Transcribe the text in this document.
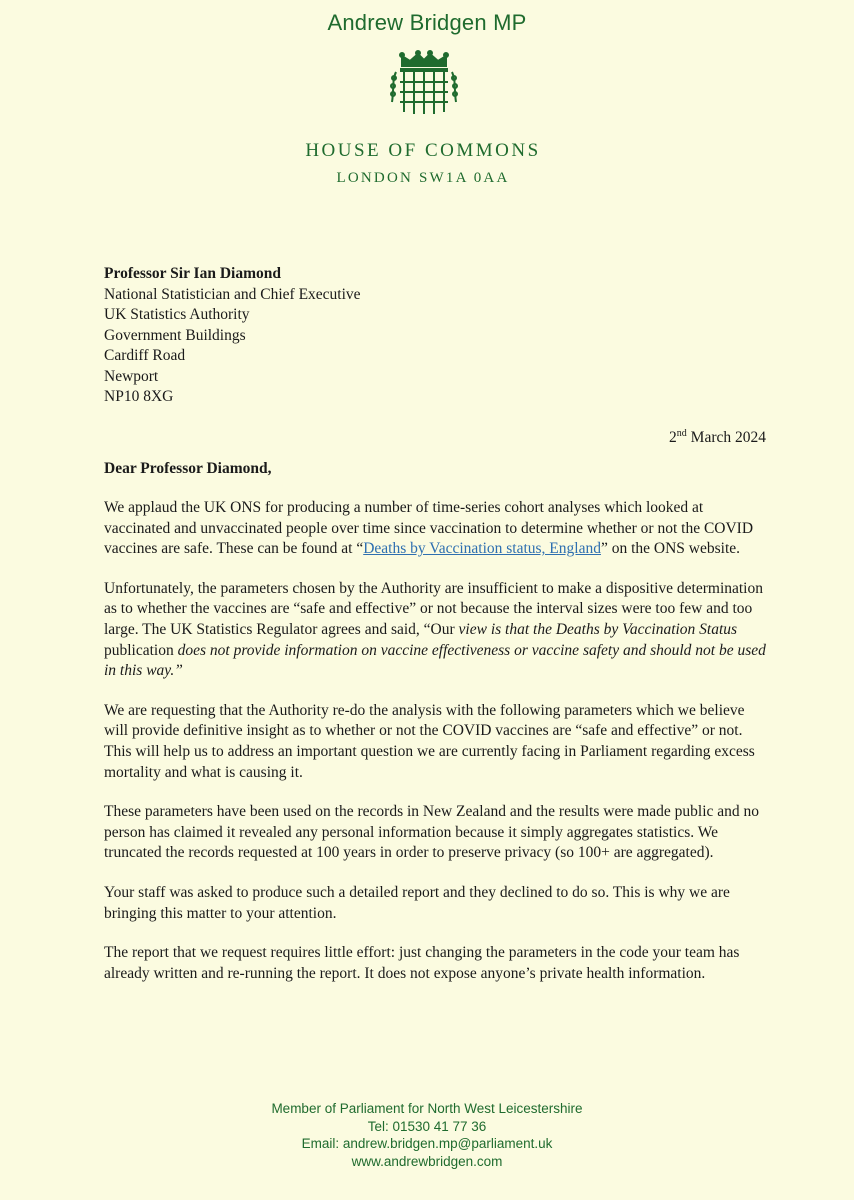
Andrew Bridgen MP
HOUSE OF COMMONS
LONDON SW1A 0AA
Professor Sir Ian Diamond
National Statistician and Chief Executive
UK Statistics Authority
Government Buildings
Cardiff Road
Newport
NP10 8XG
2nd March 2024
Dear Professor Diamond,

We applaud the UK ONS for producing a number of time-series cohort analyses which looked at vaccinated and unvaccinated people over time since vaccination to determine whether or not the COVID vaccines are safe. These can be found at “Deaths by Vaccination status, England” on the ONS website.

Unfortunately, the parameters chosen by the Authority are insufficient to make a dispositive determination as to whether the vaccines are “safe and effective” or not because the interval sizes were too few and too large. The UK Statistics Regulator agrees and said, “Our view is that the Deaths by Vaccination Status publication does not provide information on vaccine effectiveness or vaccine safety and should not be used in this way.”

We are requesting that the Authority re-do the analysis with the following parameters which we believe will provide definitive insight as to whether or not the COVID vaccines are “safe and effective” or not. This will help us to address an important question we are currently facing in Parliament regarding excess mortality and what is causing it.

These parameters have been used on the records in New Zealand and the results were made public and no person has claimed it revealed any personal information because it simply aggregates statistics. We truncated the records requested at 100 years in order to preserve privacy (so 100+ are aggregated).

Your staff was asked to produce such a detailed report and they declined to do so. This is why we are bringing this matter to your attention.

The report that we request requires little effort: just changing the parameters in the code your team has already written and re-running the report. It does not expose anyone’s private health information.

Member of Parliament for North West Leicestershire
Tel: 01530 41 77 36
Email: andrew.bridgen.mp@parliament.uk
www.andrewbridgen.com
